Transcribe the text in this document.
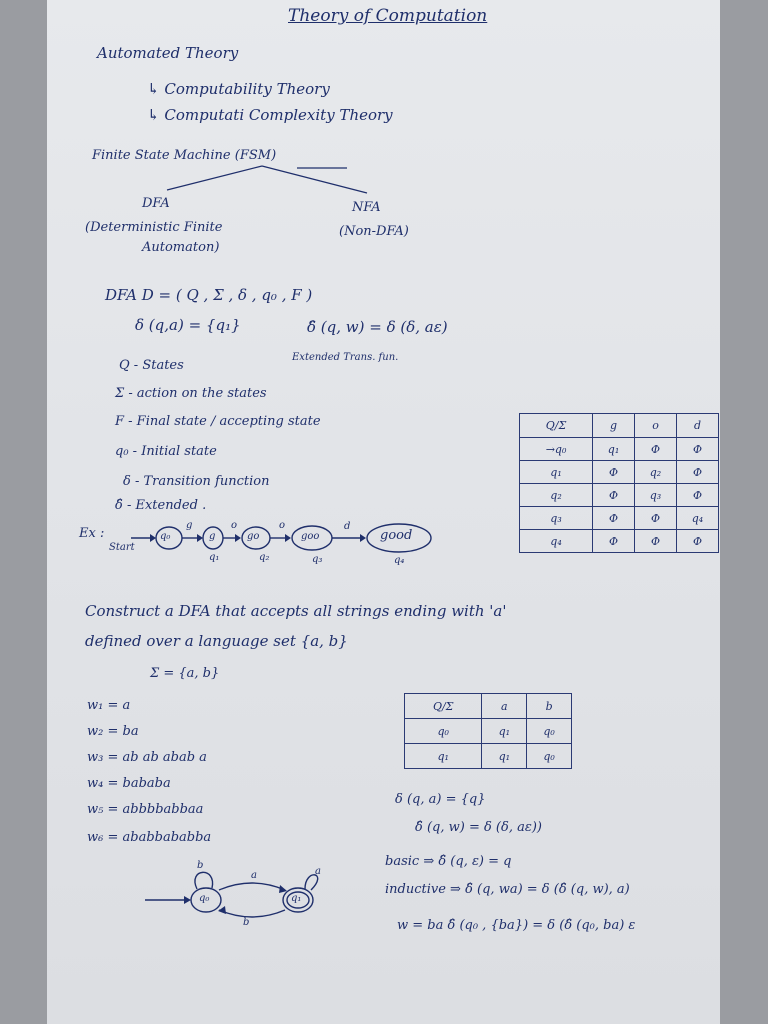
Theory of Computation
Automated Theory
↳ Computability Theory
↳ Computati Complexity Theory
Finite State Machine (FSM)
DFA
(Deterministic Finite
Automaton)
NFA
(Non-DFA)
DFA D = ( Q , Σ , δ , q₀ , F )
δ (q,a) = {q₁}	δ̂ (q, w) = δ (δ, aε)
Extended Trans. fun.
Q - States
Σ - action on the states
F - Final state / accepting state
q₀ - Initial state
δ - Transition function
δ̂ - Extended .
Q/Σ	g	o	d
→q₀	q₁	Φ	Φ
q₁	Φ	q₂	Φ
q₂	Φ	q₃	Φ
q₃	Φ	Φ	q₄
q₄	Φ	Φ	Φ
Ex :
Start
q₀	g	go	goo	good
g	o	o	d
q₁	q₂	q₃	q₄
Construct a DFA that accepts all strings ending with 'a'
defined over a language set {a, b}
Σ = {a, b}
w₁ = a
w₂ = ba
w₃ = ab ab abab a
w₄ = bababa
w₅ = abbbbabbaa
w₆ = ababbababba
Q/Σ	a	b
q₀	q₁	q₀
q₁	q₁	q₀
δ (q, a) = {q}
δ̂ (q, w) = δ (δ, aε))
basic ⇒ δ̂ (q, ε) = q
inductive ⇒ δ̂ (q, wa) = δ (δ̂ (q, w), a)
w = ba δ̂ (q₀ , {ba}) = δ (δ̂ (q₀, ba) ε
q₀	q₁
a
b
b
a
